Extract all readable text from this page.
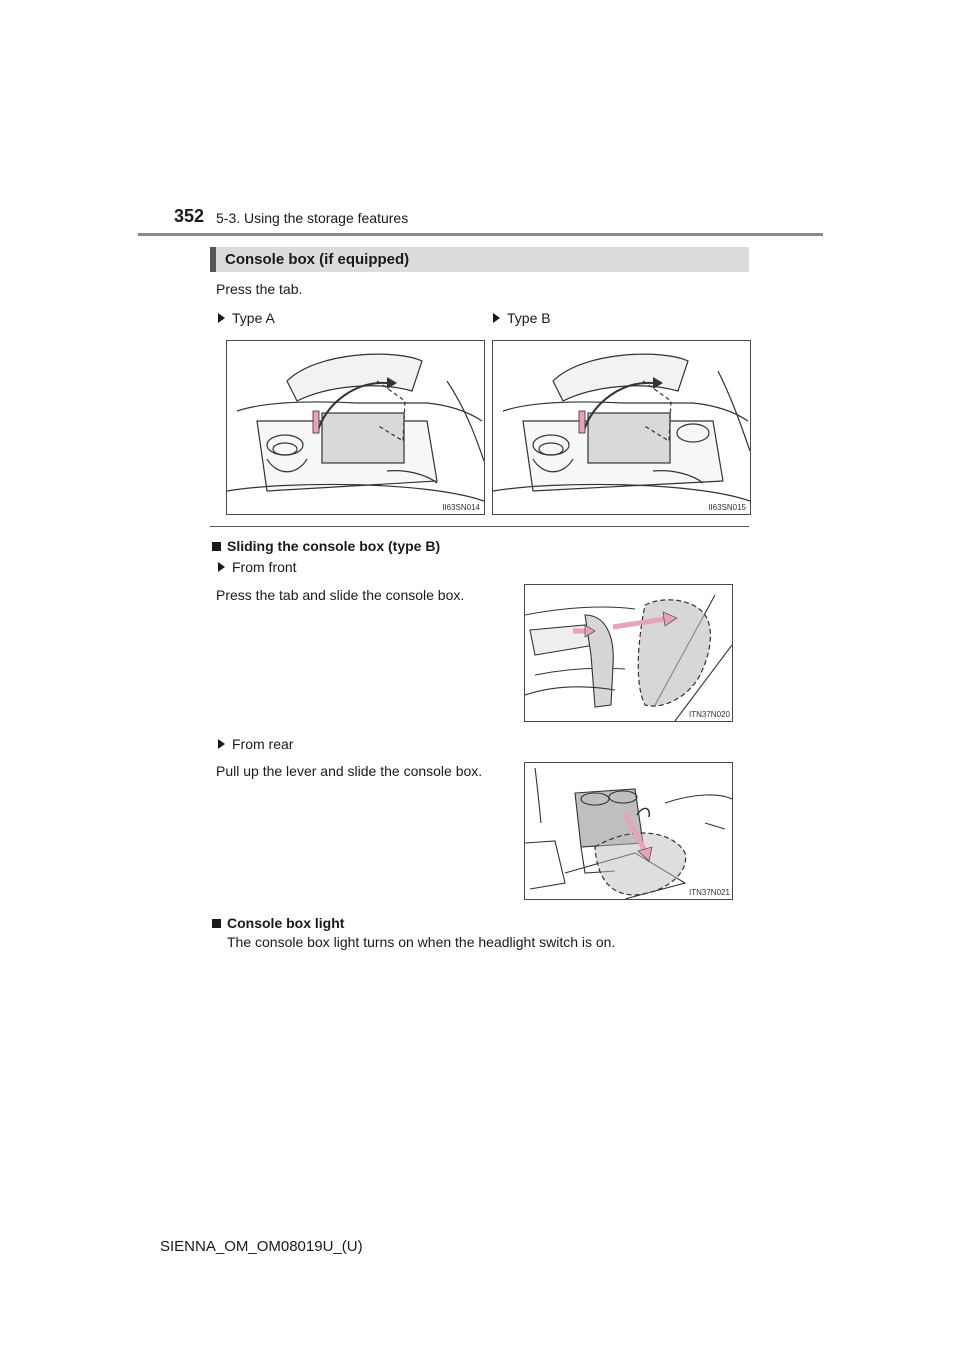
352 5-3. Using the storage features
Console box (if equipped)
Press the tab.
Type A	Type B
II63SN014	II63SN015
Sliding the console box (type B)
From front
Press the tab and slide the console box.
ITN37N020
From rear
Pull up the lever and slide the console box.
ITN37N021
Console box light
The console box light turns on when the headlight switch is on.
SIENNA_OM_OM08019U_(U)
